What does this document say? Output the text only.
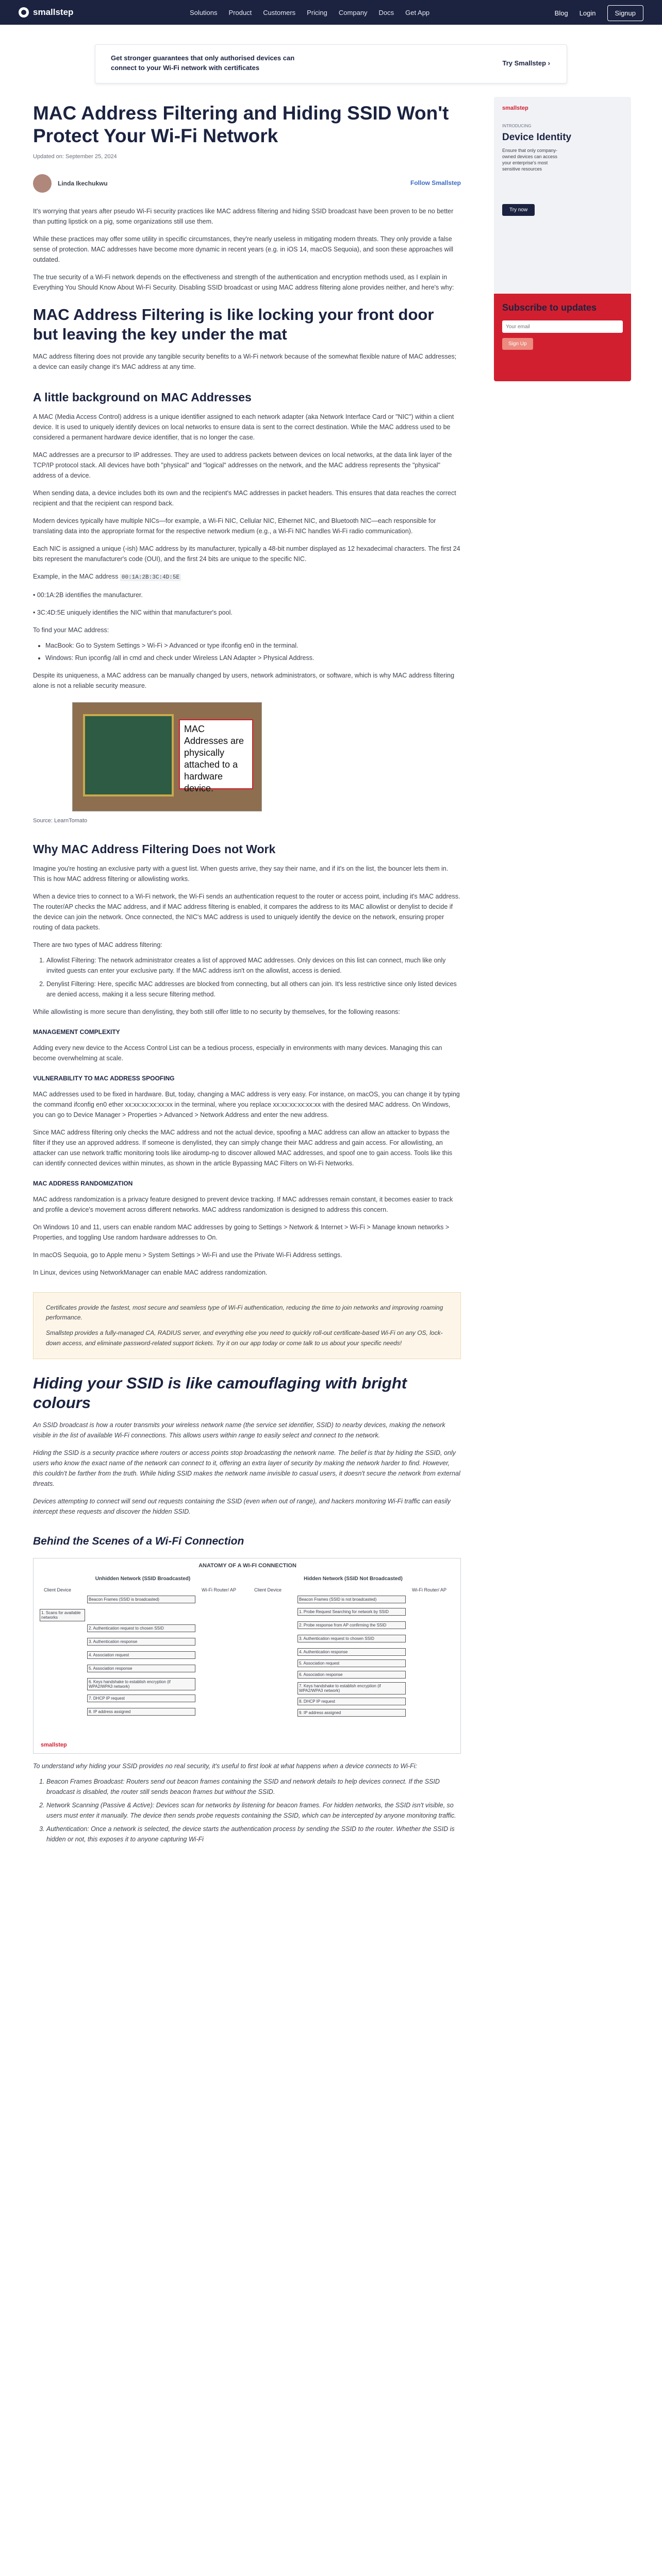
smallstep	Solutions Product Customers Pricing Company Docs Get App	Blog Login	Signup
Get stronger guarantees that only authorised devices can connect to your Wi-Fi network with certificates
Try Smallstep ›
MAC Address Filtering and Hiding SSID Won't Protect Your Wi-Fi Network
Updated on: September 25, 2024
Linda Ikechukwu	Follow Smallstep

It's worrying that years after pseudo Wi-Fi security practices like MAC address filtering and hiding SSID broadcast have been proven to be no better than putting lipstick on a pig, some organizations still use them.

While these practices may offer some utility in specific circumstances, they're nearly useless in mitigating modern threats. They only provide a false sense of protection. MAC addresses have become more dynamic in recent years (e.g. in iOS 14, macOS Sequoia), and soon these approaches will outdated.

The true security of a Wi-Fi network depends on the effectiveness and strength of the authentication and encryption methods used, as I explain in Everything You Should Know About Wi-Fi Security. Disabling SSID broadcast or using MAC address filtering alone provides neither, and here's why:

MAC Address Filtering is like locking your front door but leaving the key under the mat

MAC address filtering does not provide any tangible security benefits to a Wi-Fi network because of the somewhat flexible nature of MAC addresses; a device can easily change it's MAC address at any time.

A little background on MAC Addresses

A MAC (Media Access Control) address is a unique identifier assigned to each network adapter (aka Network Interface Card or "NIC") within a client device. It is used to uniquely identify devices on local networks to ensure data is sent to the correct destination. While the MAC address used to be considered a permanent hardware device identifier, that is no longer the case.

MAC addresses are a precursor to IP addresses. They are used to address packets between devices on local networks, at the data link layer of the TCP/IP protocol stack. All devices have both "physical" and "logical" addresses on the network, and the MAC address represents the "physical" address of a device.

When sending data, a device includes both its own and the recipient's MAC addresses in packet headers. This ensures that data reaches the correct recipient and that the recipient can respond back.

Modern devices typically have multiple NICs—for example, a Wi-Fi NIC, Cellular NIC, Ethernet NIC, and Bluetooth NIC—each responsible for translating data into the appropriate format for the respective network medium (e.g., a Wi-Fi NIC handles Wi-Fi radio communication).

Each NIC is assigned a unique (-ish) MAC address by its manufacturer, typically a 48-bit number displayed as 12 hexadecimal characters. The first 24 bits represent the manufacturer's code (OUI), and the first 24 bits are unique to the specific NIC.

Example, in the MAC address 00:1A:2B:3C:4D:5E

• 00:1A:2B identifies the manufacturer.

• 3C:4D:5E uniquely identifies the NIC within that manufacturer's pool.

To find your MAC address:

• MacBook: Go to System Settings > Wi-Fi > Advanced or type ifconfig en0 in the terminal.
• Windows: Run ipconfig /all in cmd and check under Wireless LAN Adapter > Physical Address.

Despite its uniqueness, a MAC address can be manually changed by users, network administrators, or software, which is why MAC address filtering alone is not a reliable security measure.

MAC Addresses are physically attached to a hardware device.
Source: LearnTomato
Why MAC Address Filtering Does not Work

Imagine you're hosting an exclusive party with a guest list. When guests arrive, they say their name, and if it's on the list, the bouncer lets them in. This is how MAC address filtering or allowlisting works.

When a device tries to connect to a Wi-Fi network, the Wi-Fi sends an authentication request to the router or access point, including it's MAC address. The router/AP checks the MAC address, and if MAC address filtering is enabled, it compares the address to its MAC allowlist or denylist to decide if the device can join the network. Once connected, the NIC's MAC address is used to uniquely identify the device on the network, ensuring proper routing of data packets.

There are two types of MAC address filtering:

1. Allowlist Filtering: The network administrator creates a list of approved MAC addresses. Only devices on this list can connect, much like only invited guests can enter your exclusive party. If the MAC address isn't on the allowlist, access is denied.
2. Denylist Filtering: Here, specific MAC addresses are blocked from connecting, but all others can join. It's less restrictive since only listed devices are denied access, making it a less secure filtering method.

While allowlisting is more secure than denylisting, they both still offer little to no security by themselves, for the following reasons:

MANAGEMENT COMPLEXITY

Adding every new device to the Access Control List can be a tedious process, especially in environments with many devices. Managing this can become overwhelming at scale.

VULNERABILITY TO MAC ADDRESS SPOOFING

MAC addresses used to be fixed in hardware. But, today, changing a MAC address is very easy. For instance, on macOS, you can change it by typing the command ifconfig en0 ether xx:xx:xx:xx:xx:xx in the terminal, where you replace xx:xx:xx:xx:xx:xx with the desired MAC address. On Windows, you can go to Device Manager > Properties > Advanced > Network Address and enter the new address.

Since MAC address filtering only checks the MAC address and not the actual device, spoofing a MAC address can allow an attacker to bypass the filter if they use an approved address. If someone is denylisted, they can simply change their MAC address and gain access. For allowlisting, an attacker can use network traffic monitoring tools like airodump-ng to discover allowed MAC addresses, and spoof one to gain access. Tools like this can identify connected devices within minutes, as shown in the article Bypassing MAC Filters on Wi-Fi Networks.

MAC ADDRESS RANDOMIZATION

MAC address randomization is a privacy feature designed to prevent device tracking. If MAC addresses remain constant, it becomes easier to track and profile a device's movement across different networks. MAC address randomization is designed to address this concern.

On Windows 10 and 11, users can enable random MAC addresses by going to Settings > Network & Internet > Wi-Fi > Manage known networks > Properties, and toggling Use random hardware addresses to On.

In macOS Sequoia, go to Apple menu > System Settings > Wi-Fi and use the Private Wi-Fi Address settings.

In Linux, devices using NetworkManager can enable MAC address randomization.

Certificates provide the fastest, most secure and seamless type of Wi-Fi authentication, reducing the time to join networks and improving roaming performance.

Smallstep provides a fully-managed CA, RADIUS server, and everything else you need to quickly roll-out certificate-based Wi-Fi on any OS, lock-down access, and eliminate password-related support tickets. Try it on our app today or come talk to us about your specific needs!

Hiding your SSID is like camouflaging with bright colours

An SSID broadcast is how a router transmits your wireless network name (the service set identifier, SSID) to nearby devices, making the network visible in the list of available Wi-Fi connections. This allows users within range to easily select and connect to the network.

Hiding the SSID is a security practice where routers or access points stop broadcasting the network name. The belief is that by hiding the SSID, only users who know the exact name of the network can connect to it, offering an extra layer of security by making the network harder to find. However, this couldn't be farther from the truth. While hiding SSID makes the network name invisible to casual users, it doesn't secure the network from external threats.

Devices attempting to connect will send out requests containing the SSID (even when out of range), and hackers monitoring Wi-Fi traffic can easily intercept these requests and discover the hidden SSID.

Behind the Scenes of a Wi-Fi Connection
ANATOMY OF A WI-FI CONNECTION
Unhidden Network (SSID Broadcasted)
Client Device	Wi-Fi Router/ AP
Beacon Frames (SSID is broadcasted)
1. Scans for available networks
2. Authentication request to chosen SSID
3. Authentication response
4. Association request
5. Association response
6. Keys handshake to establish encryption (if WPA2/WPA3 network)
7. DHCP IP request
8. IP address assigned
Hidden Network (SSID Not Broadcasted)
Client Device	Wi-Fi Router/ AP
Beacon Frames (SSID is not broadcasted)
1. Probe Request Searching for network by SSID
2. Probe response from AP confirming the SSID
3. Authentication request to chosen SSID
4. Authentication response
5. Association request
6. Association response
7. Keys handshake to establish encryption (if WPA2/WPA3 network)
8. DHCP IP request
9. IP address assigned
smallstep

To understand why hiding your SSID provides no real security, it's useful to first look at what happens when a device connects to Wi-Fi:

1. Beacon Frames Broadcast: Routers send out beacon frames containing the SSID and network details to help devices connect. If the SSID broadcast is disabled, the router still sends beacon frames but without the SSID.
2. Network Scanning (Passive & Active): Devices scan for networks by listening for beacon frames. For hidden networks, the SSID isn't visible, so users must enter it manually. The device then sends probe requests containing the SSID, which can be intercepted by anyone monitoring traffic.
3. Authentication: Once a network is selected, the device starts the authentication process by sending the SSID to the router. Whether the SSID is hidden or not, this exposes it to anyone capturing Wi-Fi
smallstep
INTRODUCING
Device Identity
Ensure that only company-owned devices can access your enterprise's most sensitive resources
Try now
Subscribe to updates
Your email Sign Up
